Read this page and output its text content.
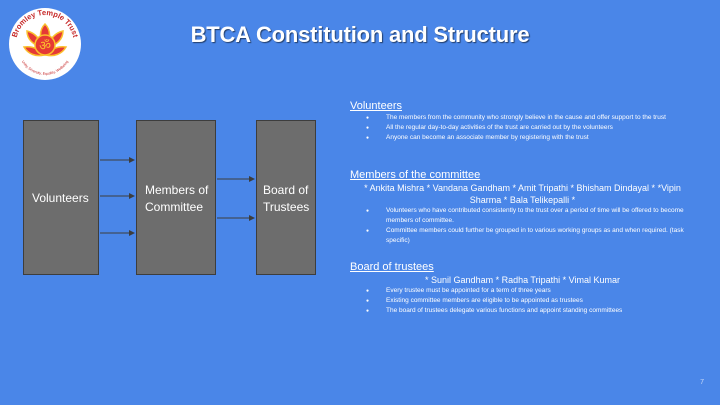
ॐ
Bromley Temple Trust
Unity, Diversity, Equality, Wellbeing
BTCA Constitution and Structure
Volunteers
Members of
Committee
Board of
Trustees

Volunteers

● The members from the community who strongly believe in the cause and offer support to the trust
● All the regular day-to-day activities of the trust are carried out by the volunteers
● Anyone can become an associate member by registering with the trust

Members of the committee

* Ankita Mishra * Vandana Gandham * Amit Tripathi * Bhisham Dindayal * *Vipin Sharma * Bala Telikepalli *

● Volunteers who have contributed consistently to the trust over a period of time will be offered to become members of committee.
● Committee members could further be grouped in to various working groups as and when required. (task specific)

Board of trustees

* Sunil Gandham * Radha Tripathi * Vimal Kumar

● Every trustee must be appointed for a term of three years
● Existing committee members are eligible to be appointed as trustees
● The board of trustees delegate various functions and appoint standing committees
7
